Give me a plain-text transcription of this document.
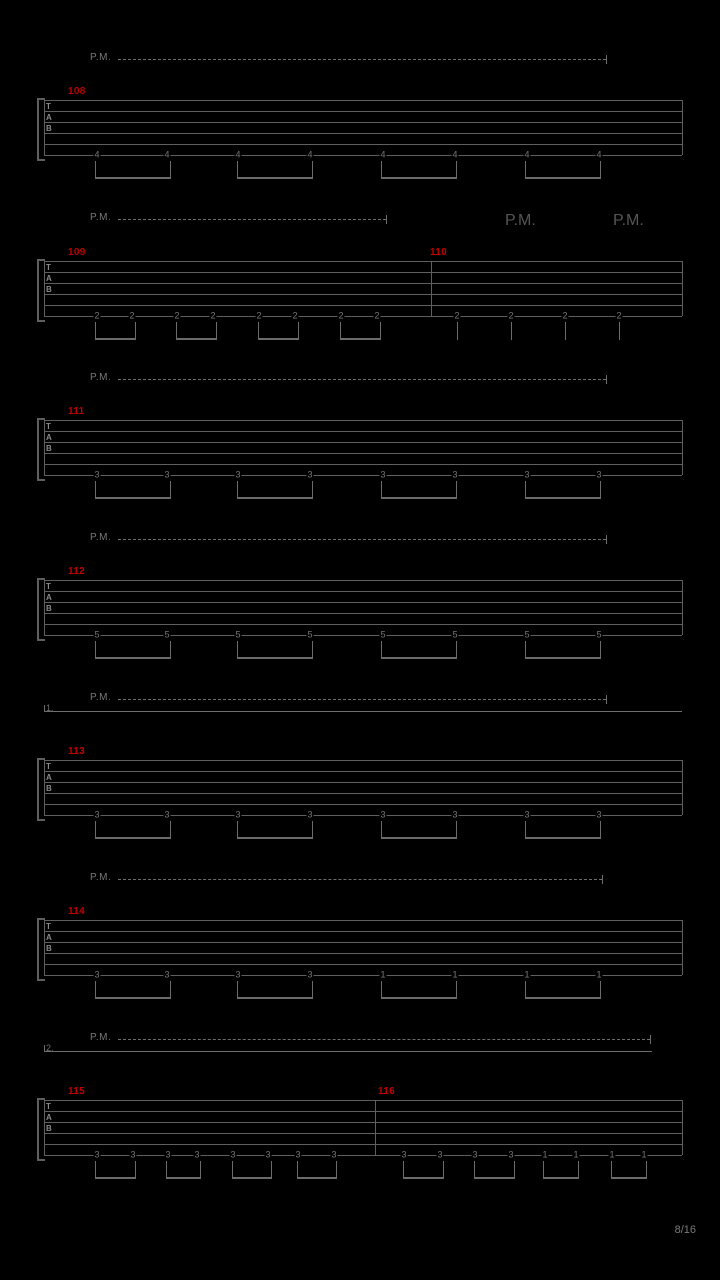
P.M.
108
T
A
B
4	4	4	4	4	4	4	4
P.M.	P.M.	P.M.
109	110
T
A
B
2	2	2	2	2	2	2	2	2	2	2	2
P.M.
111
T
A
B
3	3	3	3	3	3	3	3
P.M.
112
T
A
B
5	5	5	5	5	5	5	5
P.M.
1.
113
T
A
B
3	3	3	3	3	3	3	3
P.M.
114
T
A
B
3	3	3	3	1	1	1	1
P.M.
2.
115	116
T
A
B
3	3	3	3	3	3	3	3	3	3	3	3	1	1	1	1
8/16
